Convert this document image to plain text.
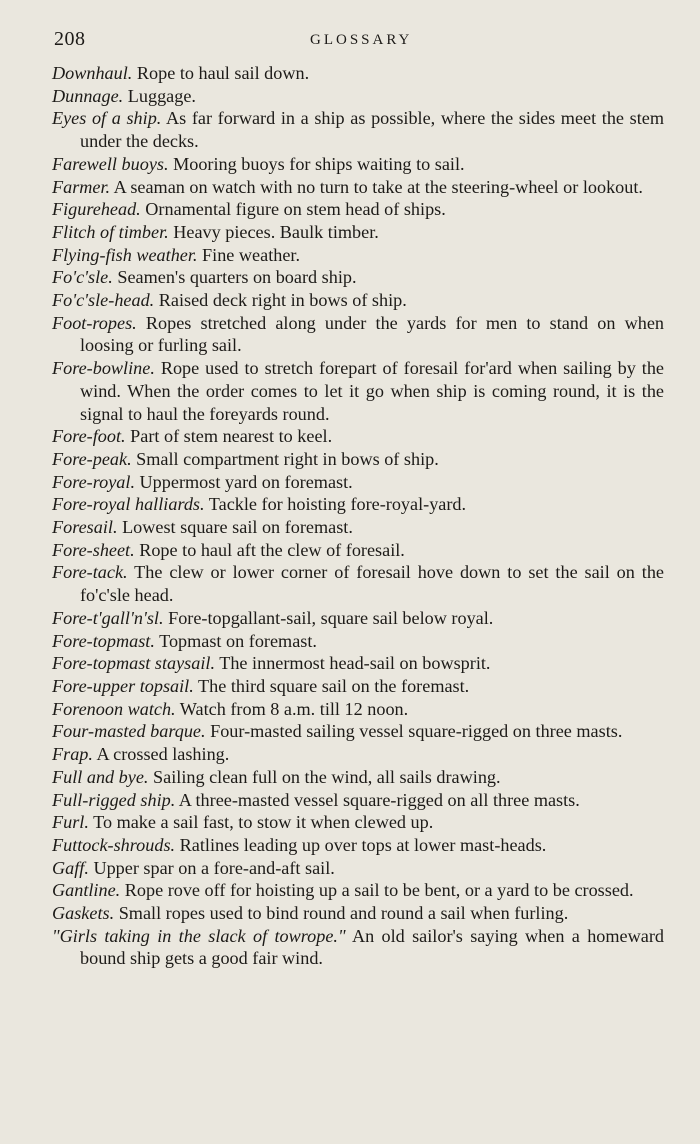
208	GLOSSARY
Downhaul. Rope to haul sail down.
Dunnage. Luggage.
Eyes of a ship. As far forward in a ship as possible, where the sides meet the stem under the decks.
Farewell buoys. Mooring buoys for ships waiting to sail.
Farmer. A seaman on watch with no turn to take at the steering-wheel or lookout.
Figurehead. Ornamental figure on stem head of ships.
Flitch of timber. Heavy pieces. Baulk timber.
Flying-fish weather. Fine weather.
Fo'c'sle. Seamen's quarters on board ship.
Fo'c'sle-head. Raised deck right in bows of ship.
Foot-ropes. Ropes stretched along under the yards for men to stand on when loosing or furling sail.
Fore-bowline. Rope used to stretch forepart of foresail for'ard when sailing by the wind. When the order comes to let it go when ship is coming round, it is the signal to haul the foreyards round.
Fore-foot. Part of stem nearest to keel.
Fore-peak. Small compartment right in bows of ship.
Fore-royal. Uppermost yard on foremast.
Fore-royal halliards. Tackle for hoisting fore-royal-yard.
Foresail. Lowest square sail on foremast.
Fore-sheet. Rope to haul aft the clew of foresail.
Fore-tack. The clew or lower corner of foresail hove down to set the sail on the fo'c'sle head.
Fore-t'gall'n'sl. Fore-topgallant-sail, square sail below royal.
Fore-topmast. Topmast on foremast.
Fore-topmast staysail. The innermost head-sail on bowsprit.
Fore-upper topsail. The third square sail on the foremast.
Forenoon watch. Watch from 8 a.m. till 12 noon.
Four-masted barque. Four-masted sailing vessel square-rigged on three masts.
Frap. A crossed lashing.
Full and bye. Sailing clean full on the wind, all sails drawing.
Full-rigged ship. A three-masted vessel square-rigged on all three masts.
Furl. To make a sail fast, to stow it when clewed up.
Futtock-shrouds. Ratlines leading up over tops at lower mast-heads.
Gaff. Upper spar on a fore-and-aft sail.
Gantline. Rope rove off for hoisting up a sail to be bent, or a yard to be crossed.
Gaskets. Small ropes used to bind round and round a sail when furling.
"Girls taking in the slack of towrope." An old sailor's saying when a homeward bound ship gets a good fair wind.
